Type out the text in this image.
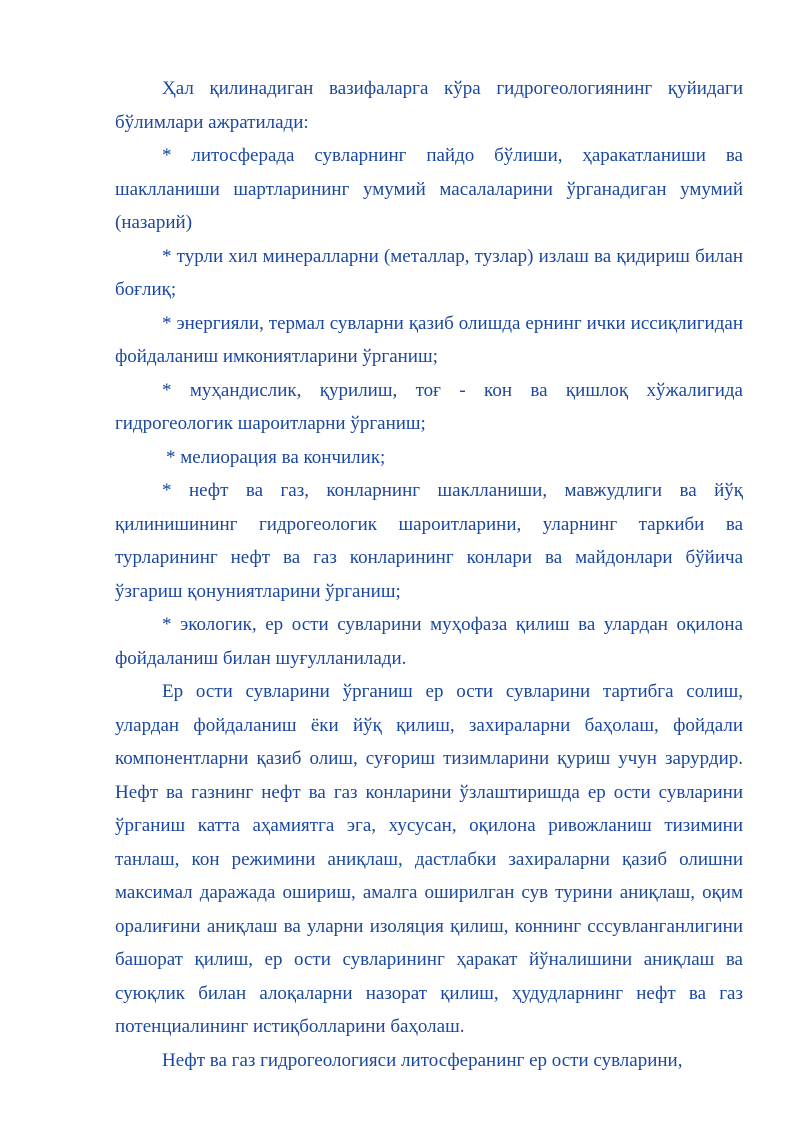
Ҳал қилинадиган вазифаларга кўра гидрогеологиянинг қуйидаги бўлимлари ажратилади:

* литосферада сувларнинг пайдо бўлиши, ҳаракатланиши ва шаклланиши шартларининг умумий масалаларини ўрганадиган умумий (назарий)

* турли хил минералларни (металлар, тузлар) излаш ва қидириш билан боғлиқ;

* энергияли, термал сувларни қазиб олишда ернинг ички иссиқлигидан фойдаланиш имкониятларини ўрганиш;

* муҳандислик, қурилиш, тоғ - кон ва қишлоқ хўжалигида гидрогеологик шароитларни ўрганиш;

* мелиорация ва кончилик;

* нефт ва газ, конларнинг шаклланиши, мавжудлиги ва йўқ қилинишининг гидрогеологик шароитларини, уларнинг таркиби ва турларининг нефт ва газ конларининг конлари ва майдонлари бўйича ўзгариш қонуниятларини ўрганиш;

* экологик, ер ости сувларини муҳофаза қилиш ва улардан оқилона фойдаланиш билан шуғулланилади.

Ер ости сувларини ўрганиш ер ости сувларини тартибга солиш, улардан фойдаланиш ёки йўқ қилиш, захираларни баҳолаш, фойдали компонентларни қазиб олиш, суғориш тизимларини қуриш учун зарурдир. Нефт ва газнинг нефт ва газ конларини ўзлаштиришда ер ости сувларини ўрганиш катта аҳамиятга эга, хусусан, оқилона ривожланиш тизимини танлаш, кон режимини аниқлаш, дастлабки захираларни қазиб олишни максимал даражада ошириш, амалга оширилган сув турини аниқлаш, оқим оралиғини аниқлаш ва уларни изоляция қилиш, коннинг сссувланганлигини башорат қилиш, ер ости сувларининг ҳаракат йўналишини аниқлаш ва суюқлик билан алоқаларни назорат қилиш, ҳудудларнинг нефт ва газ потенциалининг истиқболларини баҳолаш.

Нефт ва газ гидрогеологияси литосферанинг ер ости сувларини,
